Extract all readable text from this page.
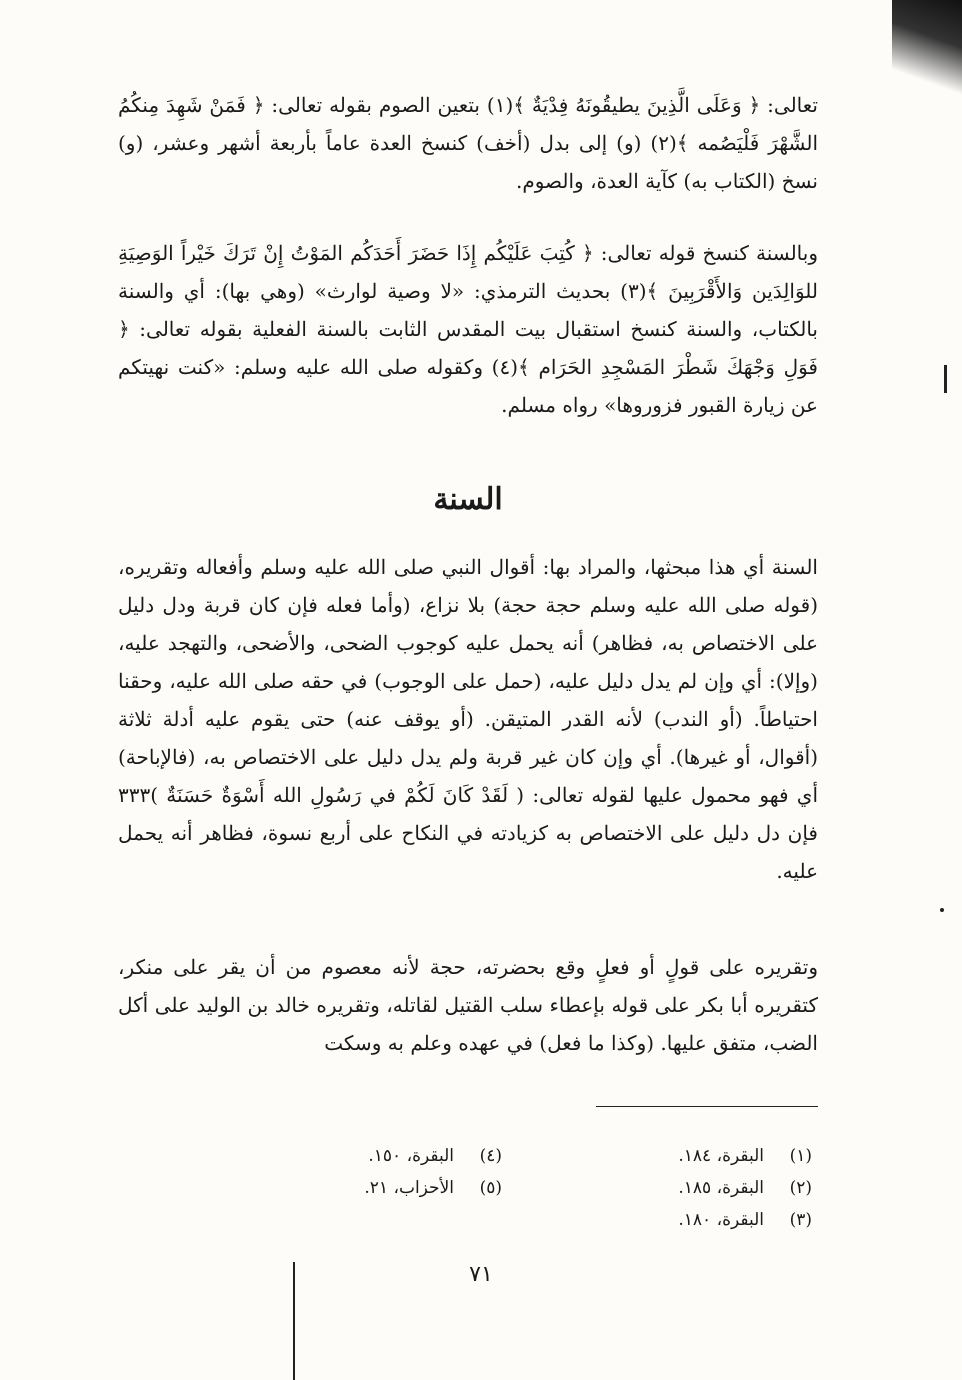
تعالى: ﴿ وَعَلَى الَّذِينَ يطيقُونَهُ فِدْيَةٌ ﴾(١) بتعين الصوم بقوله تعالى: ﴿ فَمَنْ شَهِدَ مِنكُمُ الشَّهْرَ فَلْيَصُمه ﴾(٢) (و) إلى بدل (أخف) كنسخ العدة عاماً بأربعة أشهر وعشر، (و) نسخ (الكتاب به) كآية العدة، والصوم.

وبالسنة كنسخ قوله تعالى: ﴿ كُتِبَ عَلَيْكُم إِذَا حَضَرَ أَحَدَكُم المَوْتُ إِنْ تَرَكَ خَيْراً الوَصِيَةِ للوَالِدَين وَالأَقْرَبِينَ ﴾(٣) بحديث الترمذي: «لا وصية لوارث» (وهي بها): أي والسنة بالكتاب، والسنة كنسخ استقبال بيت المقدس الثابت بالسنة الفعلية بقوله تعالى: ﴿ فَوَلِ وَجْهَكَ شَطْرَ المَسْجِدِ الحَرَام ﴾(٤) وكقوله صلى الله عليه وسلم: «كنت نهيتكم عن زيارة القبور فزوروها» رواه مسلم.

السنة

السنة أي هذا مبحثها، والمراد بها: أقوال النبي صلى الله عليه وسلم وأفعاله وتقريره، (قوله صلى الله عليه وسلم حجة حجة) بلا نزاع، (وأما فعله فإن كان قربة ودل دليل على الاختصاص به، فظاهر) أنه يحمل عليه كوجوب الضحى، والأضحى، والتهجد عليه، (وإلا): أي وإن لم يدل دليل عليه، (حمل على الوجوب) في حقه صلى الله عليه، وحقنا احتياطاً. (أو الندب) لأنه القدر المتيقن. (أو يوقف عنه) حتى يقوم عليه أدلة ثلاثة (أقوال، أو غيرها). أي وإن كان غير قربة ولم يدل دليل على الاختصاص به، (فالإباحة) أي فهو محمول عليها لقوله تعالى: ( لَقَدْ كَانَ لَكُمْ في رَسُولِ الله أَسْوَةٌ حَسَنَةٌ )٣٣٣ فإن دل دليل على الاختصاص به كزيادته في النكاح على أربع نسوة، فظاهر أنه يحمل عليه.

وتقريره على قولٍ أو فعلٍ وقع بحضرته، حجة لأنه معصوم من أن يقر على منكر، كتقريره أبا بكر على قوله بإعطاء سلب القتيل لقاتله، وتقريره خالد بن الوليد على أكل الضب، متفق عليها. (وكذا ما فعل) في عهده وعلم به وسكت

(١)
البقرة، ١٨٤.
(٢)
البقرة، ١٨٥.
(٣)
البقرة، ١٨٠.
(٤)
البقرة، ١٥٠.
(٥)
الأحزاب، ٢١.
٧١
